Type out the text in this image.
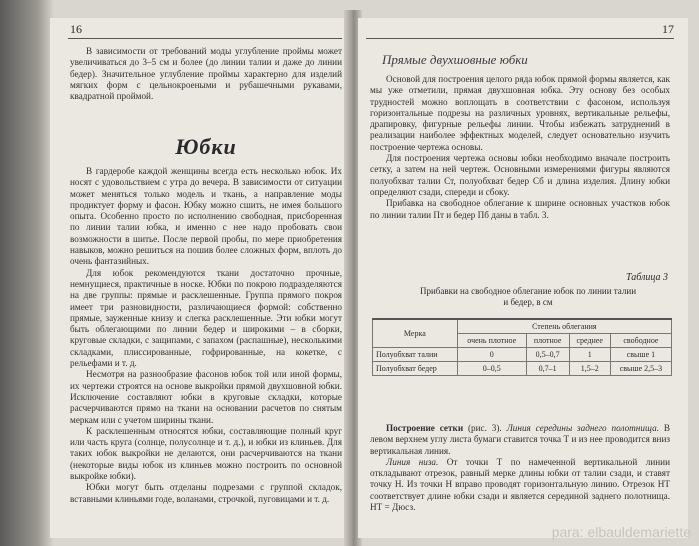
16

В зависимости от требований моды углубление проймы может увеличиваться до 3–5 см и более (до линии талии и даже до линии бедер). Значительное углубление проймы характерно для изделий мягких форм с цельнокроеными и рубашечными рукавами, квадратной проймой.

Юбки

В гардеробе каждой женщины всегда есть несколько юбок. Их носят с удовольствием с утра до вечера. В зависимости от ситуации может меняться только модель и ткань, а направление моды продиктует форму и фасон. Юбку можно сшить, не имея большого опыта. Особенно просто по исполнению свободная, присборенная по линии талии юбка, и именно с нее надо пробовать свои возможности в шитье. После первой пробы, по мере приобретения навыков, можно решиться на пошив более сложных форм, вплоть до очень фантазийных.

Для юбок рекомендуются ткани достаточно прочные, немнущиеся, практичные в носке. Юбки по покрою подразделяются на две группы: прямые и расклешенные. Группа прямого покроя имеет три разновидности, различающиеся формой: собственно прямые, зауженные книзу и слегка расклешенные. Эти юбки могут быть облегающими по линии бедер и широкими – в сборки, круговые складки, с защипами, с запахом (распашные), несколькими складками, плиссированные, гофрированные, на кокетке, с рельефами и т. д.

Несмотря на разнообразие фасонов юбок той или иной формы, их чертежи строятся на основе выкройки прямой двухшовной юбки. Исключение составляют юбки в круговые складки, которые расчерчиваются прямо на ткани на основании расчетов по снятым меркам или с учетом ширины ткани.

К расклешенным относятся юбки, составляющие полный круг или часть круга (солнце, полусолнце и т. д.), и юбки из клиньев. Для таких юбок выкройки не делаются, они расчерчиваются на ткани (некоторые виды юбок из клиньев можно построить по основной выкройке юбки).

Юбки могут быть отделаны подрезами с группой складок, вставными клиньями годе, воланами, строчкой, пуговицами и т. д.

17
Прямые двухшовные юбки

Основой для построения целого ряда юбок прямой формы является, как мы уже отметили, прямая двухшовная юбка. Эту основу без особых трудностей можно воплощать в соответствии с фасоном, используя горизонтальные подрезы на различных уровнях, вертикальные рельефы, драпировку, фигурные рельефы линии. Чтобы избежать затруднений в реализации наиболее эффектных моделей, следует основательно изучить построение чертежа основы.

Для построения чертежа основы юбки необходимо вначале построить сетку, а затем на ней чертеж. Основными измерениями фигуры являются полуобхват талии Ст, полуобхват бедер Сб и длина изделия. Длину юбки определяют сзади, спереди и сбоку.

Прибавка на свободное облегание к ширине основных участков юбок по линии талии Пт и бедер Пб даны в табл. 3.

Таблица 3
Прибавки на свободное облегание юбок по линии талии и бедер, в см
Мерка	Степень облегания			
	очень плотное	плотное	среднее	свободное
Полуобхват талии	0	0,5–0,7	1	свыше 1
Полуобхват бедер	0–0,5	0,7–1	1,5–2	свыше 2,5–3

Построение сетки (рис. 3). Линия середины заднего полотнища. В левом верхнем углу листа бумаги ставится точка Т и из нее проводится вниз вертикальная линия.

Линия низа. От точки Т по намеченной вертикальной линии откладывают отрезок, равный мерке длины юбки от талии сзади, и ставят точку Н. Из точки Н вправо проводят горизонтальную линию. Отрезок НТ соответствует длине юбки сзади и является серединой заднего полотнища. НТ = Дюсз.

para: elbauldemariette
